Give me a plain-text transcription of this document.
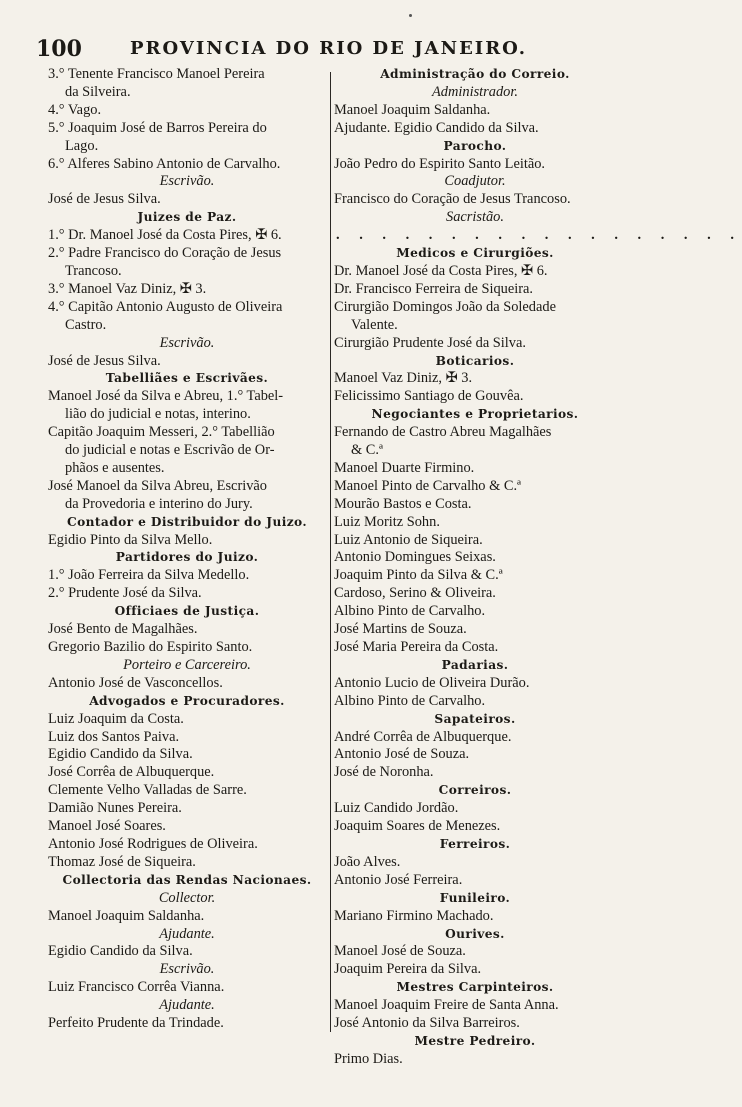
100	PROVINCIA DO RIO DE JANEIRO.
3.° Tenente Francisco Manoel Pereira
da Silveira.
4.° Vago.
5.° Joaquim José de Barros Pereira do
Lago.
6.° Alferes Sabino Antonio de Carvalho.
Escrivão.
José de Jesus Silva.
Juizes de Paz.
1.° Dr. Manoel José da Costa Pires, ✠ 6.
2.° Padre Francisco do Coração de Jesus
Trancoso.
3.° Manoel Vaz Diniz, ✠ 3.
4.° Capitão Antonio Augusto de Oliveira
Castro.
Escrivão.
José de Jesus Silva.
Tabelliães e Escrivães.
Manoel José da Silva e Abreu, 1.° Tabel-
lião do judicial e notas, interino.
Capitão Joaquim Messeri, 2.° Tabellião
do judicial e notas e Escrivão de Or-
phãos e ausentes.
José Manoel da Silva Abreu, Escrivão
da Provedoria e interino do Jury.
Contador e Distribuidor do Juizo.
Egidio Pinto da Silva Mello.
Partidores do Juizo.
1.° João Ferreira da Silva Medello.
2.° Prudente José da Silva.
Officiaes de Justiça.
José Bento de Magalhães.
Gregorio Bazilio do Espirito Santo.
Porteiro e Carcereiro.
Antonio José de Vasconcellos.
Advogados e Procuradores.
Luiz Joaquim da Costa.
Luiz dos Santos Paiva.
Egidio Candido da Silva.
José Corrêa de Albuquerque.
Clemente Velho Valladas de Sarre.
Damião Nunes Pereira.
Manoel José Soares.
Antonio José Rodrigues de Oliveira.
Thomaz José de Siqueira.
Collectoria das Rendas Nacionaes.
Collector.
Manoel Joaquim Saldanha.
Ajudante.
Egidio Candido da Silva.
Escrivão.
Luiz Francisco Corrêa Vianna.
Ajudante.
Perfeito Prudente da Trindade.
Administração do Correio.
Administrador.
Manoel Joaquim Saldanha.
Ajudante. Egidio Candido da Silva.
Parocho.
João Pedro do Espirito Santo Leitão.
Coadjutor.
Francisco do Coração de Jesus Trancoso.
Sacristão.
. . . . . . . . . . . . . . . . . .
Medicos e Cirurgiões.
Dr. Manoel José da Costa Pires, ✠ 6.
Dr. Francisco Ferreira de Siqueira.
Cirurgião Domingos João da Soledade
Valente.
Cirurgião Prudente José da Silva.
Boticarios.
Manoel Vaz Diniz, ✠ 3.
Felicissimo Santiago de Gouvêa.
Negociantes e Proprietarios.
Fernando de Castro Abreu Magalhães
& C.ª
Manoel Duarte Firmino.
Manoel Pinto de Carvalho & C.ª
Mourão Bastos e Costa.
Luiz Moritz Sohn.
Luiz Antonio de Siqueira.
Antonio Domingues Seixas.
Joaquim Pinto da Silva & C.ª
Cardoso, Serino & Oliveira.
Albino Pinto de Carvalho.
José Martins de Souza.
José Maria Pereira da Costa.
Padarias.
Antonio Lucio de Oliveira Durão.
Albino Pinto de Carvalho.
Sapateiros.
André Corrêa de Albuquerque.
Antonio José de Souza.
José de Noronha.
Correiros.
Luiz Candido Jordão.
Joaquim Soares de Menezes.
Ferreiros.
João Alves.
Antonio José Ferreira.
Funileiro.
Mariano Firmino Machado.
Ourives.
Manoel José de Souza.
Joaquim Pereira da Silva.
Mestres Carpinteiros.
Manoel Joaquim Freire de Santa Anna.
José Antonio da Silva Barreiros.
Mestre Pedreiro.
Primo Dias.
